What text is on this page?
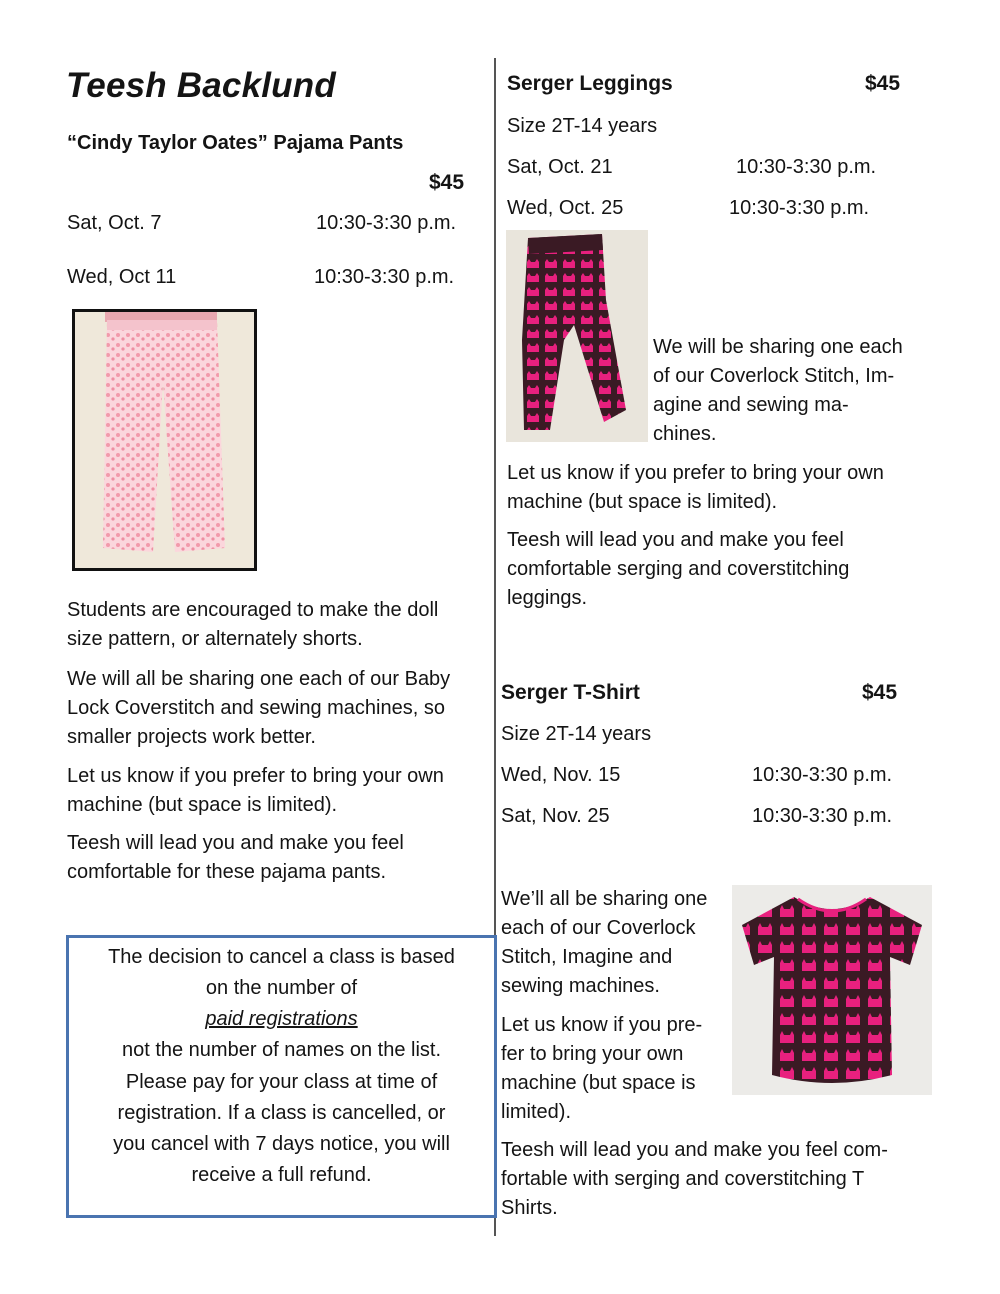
Teesh Backlund
“Cindy Taylor Oates” Pajama Pants
$45
Sat, Oct. 7	10:30-3:30 p.m.
Wed, Oct 11	10:30-3:30 p.m.
Students are encouraged to make the doll
size pattern, or alternately shorts.
We will all be sharing one each of our Baby
Lock Coverstitch and sewing machines, so
smaller projects work better.
Let us know if you prefer to bring your own
machine (but space is limited).
Teesh will lead you and make you feel
comfortable for these pajama pants.
The decision to cancel a class is based
on the number of
paid registrations
not the number of names on the list.
Please pay for your class at time of
registration. If a class is cancelled, or
you cancel with 7 days notice, you will
receive a full refund.
Serger Leggings	$45
Size 2T-14 years
Sat, Oct. 21	10:30-3:30 p.m.
Wed, Oct. 25	10:30-3:30 p.m.
We will be sharing one each
of our Coverlock Stitch, Im-
agine and sewing ma-
chines.
Let us know if you prefer to bring your own
machine (but space is limited).
Teesh will lead you and make you feel
comfortable serging and coverstitching
leggings.
Serger T-Shirt	$45
Size 2T-14 years
Wed, Nov. 15	10:30-3:30 p.m.
Sat, Nov. 25	10:30-3:30 p.m.
We’ll all be sharing one
each of our Coverlock
Stitch, Imagine and
sewing machines.
Let us know if you pre-
fer to bring your own
machine (but space is
limited).
Teesh will lead you and make you feel com-
fortable with serging and coverstitching T
Shirts.
